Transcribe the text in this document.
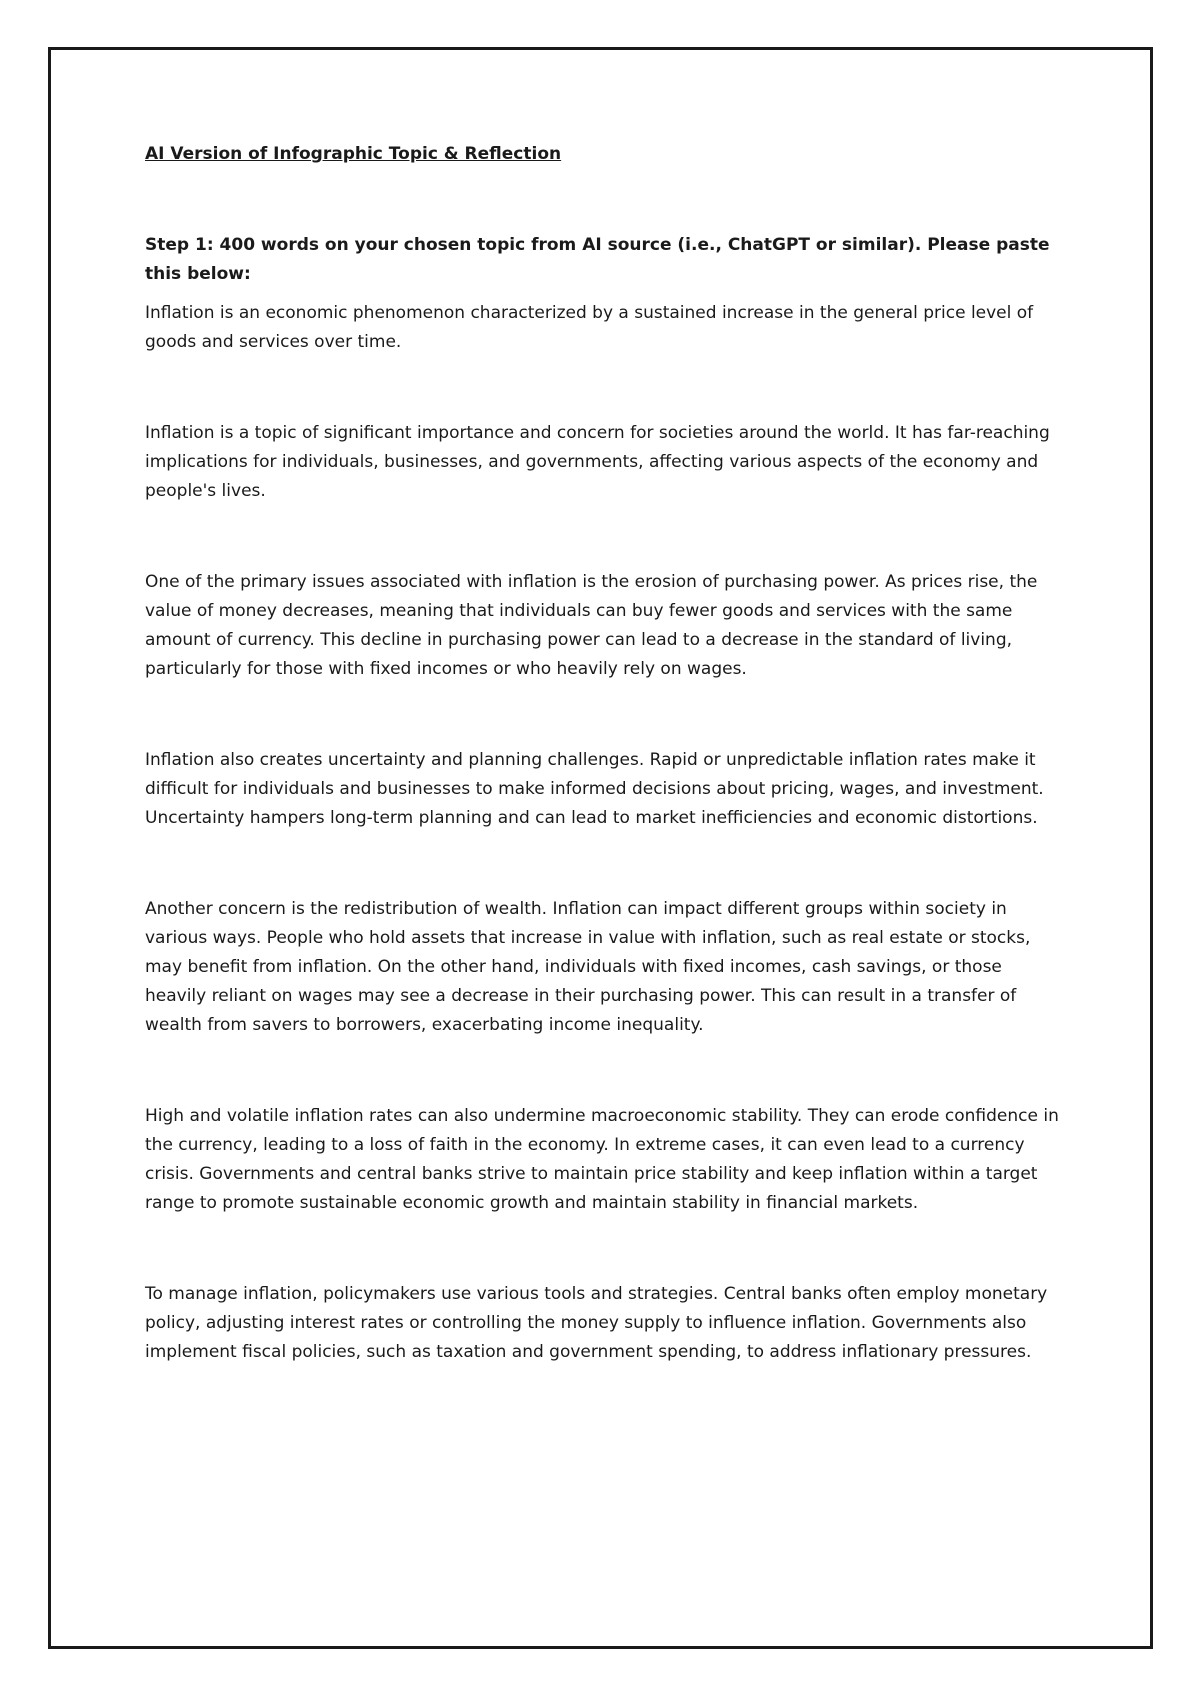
AI Version of Infographic Topic & Reflection

Step 1: 400 words on your chosen topic from AI source (i.e., ChatGPT or similar). Please paste this below:

Inflation is an economic phenomenon characterized by a sustained increase in the general price level of goods and services over time.

Inflation is a topic of significant importance and concern for societies around the world. It has far-reaching implications for individuals, businesses, and governments, affecting various aspects of the economy and people's lives.

One of the primary issues associated with inflation is the erosion of purchasing power. As prices rise, the value of money decreases, meaning that individuals can buy fewer goods and services with the same amount of currency. This decline in purchasing power can lead to a decrease in the standard of living, particularly for those with fixed incomes or who heavily rely on wages.

Inflation also creates uncertainty and planning challenges. Rapid or unpredictable inflation rates make it difficult for individuals and businesses to make informed decisions about pricing, wages, and investment. Uncertainty hampers long-term planning and can lead to market inefficiencies and economic distortions.

Another concern is the redistribution of wealth. Inflation can impact different groups within society in various ways. People who hold assets that increase in value with inflation, such as real estate or stocks, may benefit from inflation. On the other hand, individuals with fixed incomes, cash savings, or those heavily reliant on wages may see a decrease in their purchasing power. This can result in a transfer of wealth from savers to borrowers, exacerbating income inequality.

High and volatile inflation rates can also undermine macroeconomic stability. They can erode confidence in the currency, leading to a loss of faith in the economy. In extreme cases, it can even lead to a currency crisis. Governments and central banks strive to maintain price stability and keep inflation within a target range to promote sustainable economic growth and maintain stability in financial markets.

To manage inflation, policymakers use various tools and strategies. Central banks often employ monetary policy, adjusting interest rates or controlling the money supply to influence inflation. Governments also implement fiscal policies, such as taxation and government spending, to address inflationary pressures.
